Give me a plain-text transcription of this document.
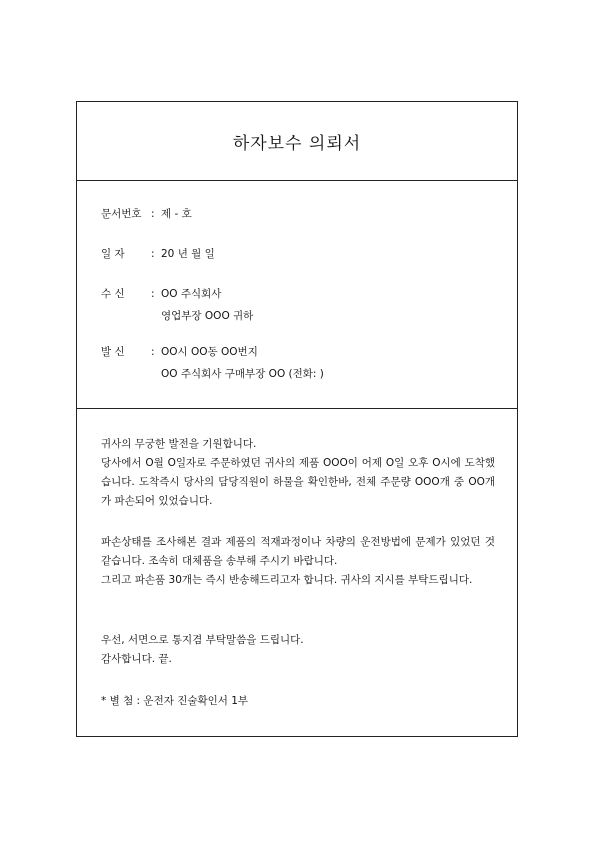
하자보수 의뢰서
문서번호 : 제 - 호
일 자	: 20 년 월 일
수 신	: OO 주식회사
영업부장 OOO 귀하
발 신	: OO시 OO동 OO번지
OO 주식회사 구매부장 OO (전화: )

귀사의 무궁한 발전을 기원합니다.

당사에서 O월 O일자로 주문하였던 귀사의 제품 OOO이 어제 O일 오후 O시에 도착했습니다. 도착즉시 당사의 담당직원이 하물을 확인한바, 전체 주문량 OOO개 중 OO개가 파손되어 있었습니다.

파손상태를 조사해본 결과 제품의 적재과정이나 차량의 운전방법에 문제가 있었던 것 같습니다. 조속히 대체품을 송부해 주시기 바랍니다.

그리고 파손품 30개는 즉시 반송해드리고자 합니다. 귀사의 지시를 부탁드립니다.

우선, 서면으로 통지겸 부탁말씀을 드립니다.

감사합니다. 끝.

* 별 첨 : 운전자 진술확인서 1부
